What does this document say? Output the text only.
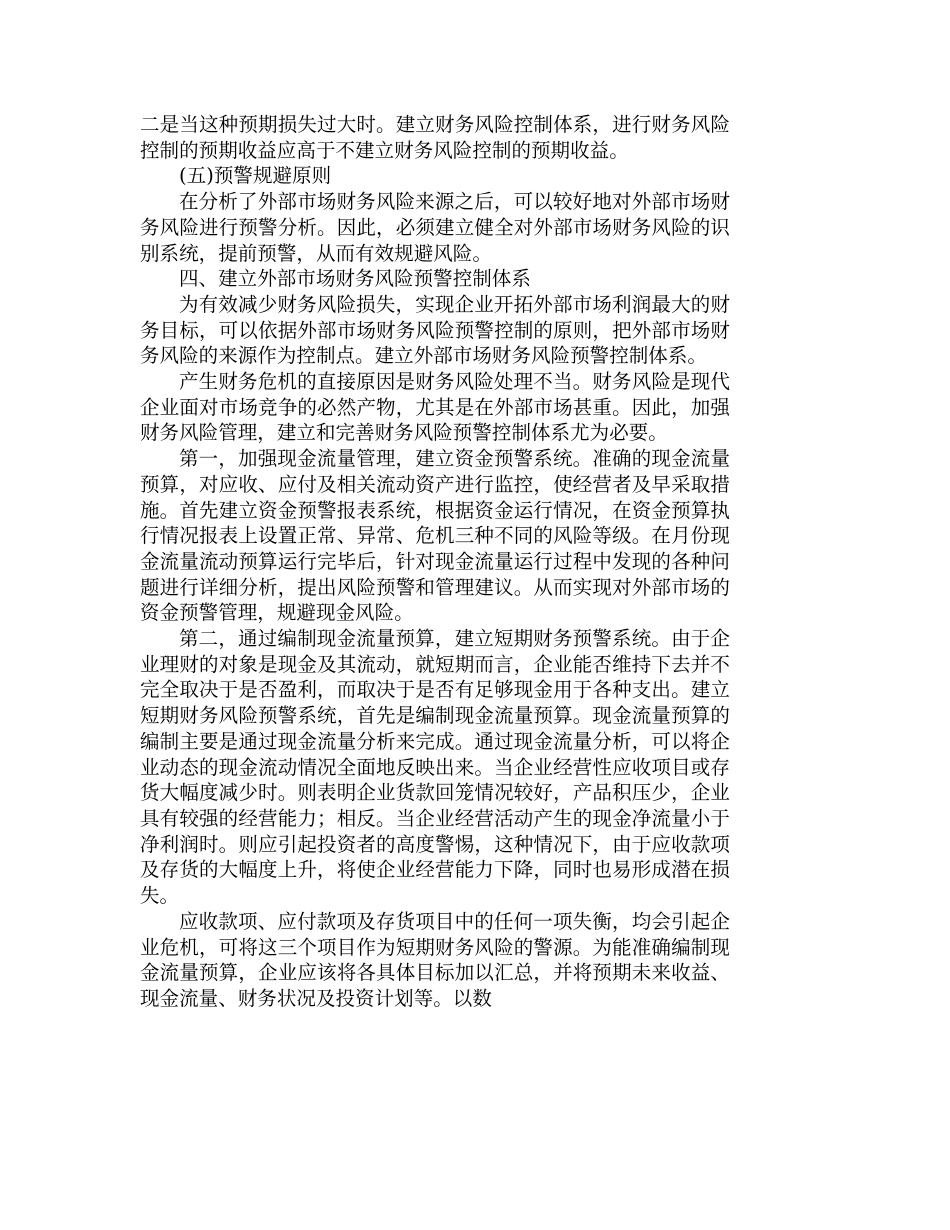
二是当这种预期损失过大时。建立财务风险控制体系，进行财务风险控制的预期收益应高于不建立财务风险控制的预期收益。

(五)预警规避原则

在分析了外部市场财务风险来源之后，可以较好地对外部市场财务风险进行预警分析。因此，必须建立健全对外部市场财务风险的识别系统，提前预警，从而有效规避风险。

四、建立外部市场财务风险预警控制体系

为有效减少财务风险损失，实现企业开拓外部市场利润最大的财务目标，可以依据外部市场财务风险预警控制的原则，把外部市场财务风险的来源作为控制点。建立外部市场财务风险预警控制体系。

产生财务危机的直接原因是财务风险处理不当。财务风险是现代企业面对市场竞争的必然产物，尤其是在外部市场甚重。因此，加强财务风险管理，建立和完善财务风险预警控制体系尤为必要。

第一，加强现金流量管理，建立资金预警系统。准确的现金流量预算，对应收、应付及相关流动资产进行监控，使经营者及早采取措施。首先建立资金预警报表系统，根据资金运行情况，在资金预算执行情况报表上设置正常、异常、危机三种不同的风险等级。在月份现金流量流动预算运行完毕后，针对现金流量运行过程中发现的各种问题进行详细分析，提出风险预警和管理建议。从而实现对外部市场的资金预警管理，规避现金风险。

第二，通过编制现金流量预算，建立短期财务预警系统。由于企业理财的对象是现金及其流动，就短期而言，企业能否维持下去并不完全取决于是否盈利，而取决于是否有足够现金用于各种支出。建立短期财务风险预警系统，首先是编制现金流量预算。现金流量预算的编制主要是通过现金流量分析来完成。通过现金流量分析，可以将企业动态的现金流动情况全面地反映出来。当企业经营性应收项目或存货大幅度减少时。则表明企业货款回笼情况较好，产品积压少，企业具有较强的经营能力；相反。当企业经营活动产生的现金净流量小于净利润时。则应引起投资者的高度警惕，这种情况下，由于应收款项及存货的大幅度上升，将使企业经营能力下降，同时也易形成潜在损失。

应收款项、应付款项及存货项目中的任何一项失衡，均会引起企业危机，可将这三个项目作为短期财务风险的警源。为能准确编制现金流量预算，企业应该将各具体目标加以汇总，并将预期未来收益、现金流量、财务状况及投资计划等。以数
